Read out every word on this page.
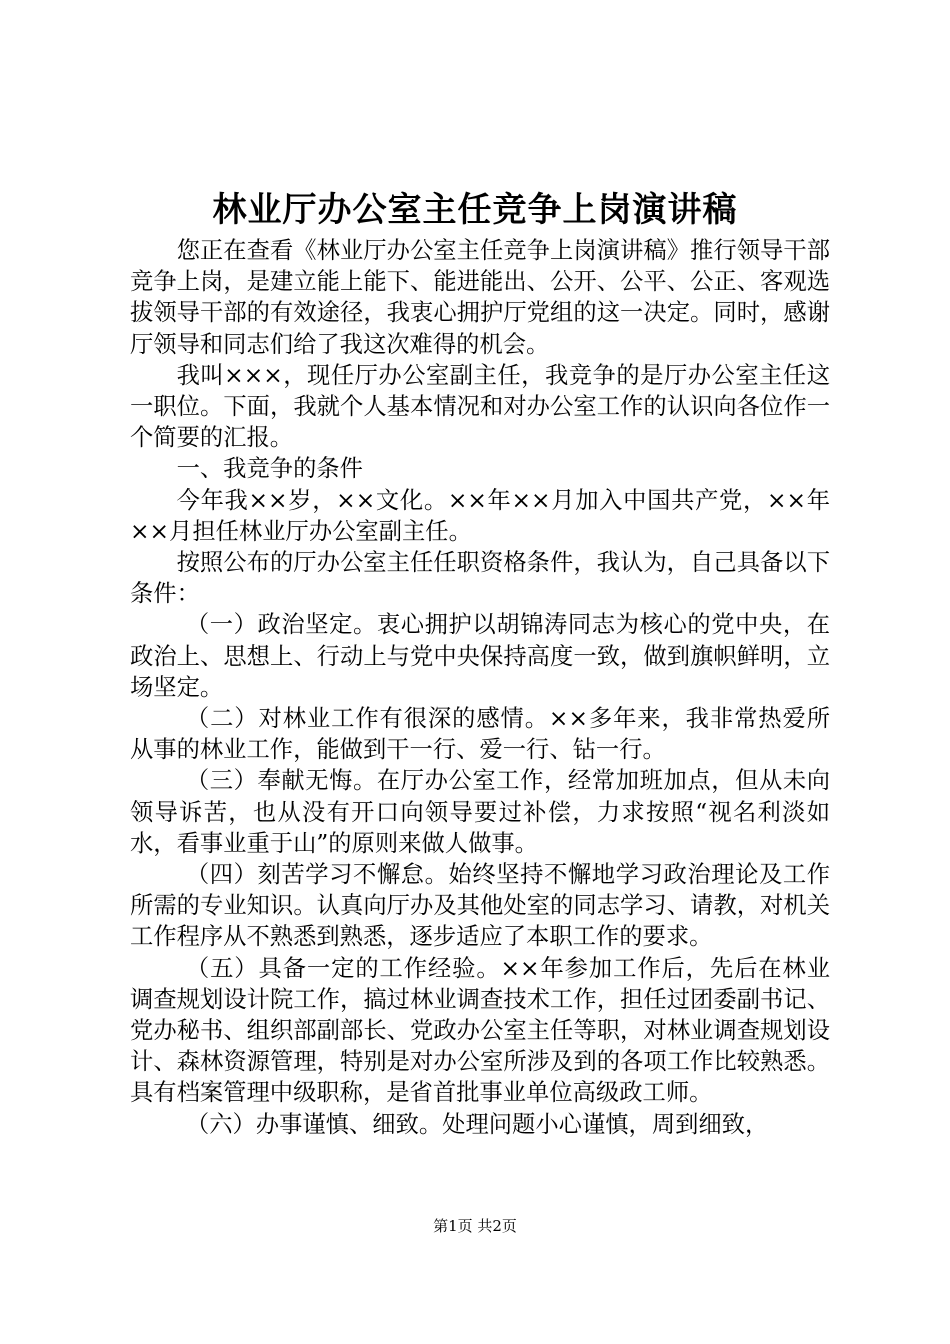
林业厅办公室主任竞争上岗演讲稿

您正在查看《林业厅办公室主任竞争上岗演讲稿》推行领导干部竞争上岗，是建立能上能下、能进能出、公开、公平、公正、客观选拔领导干部的有效途径，我衷心拥护厅党组的这一决定。同时，感谢厅领导和同志们给了我这次难得的机会。

我叫×××，现任厅办公室副主任，我竞争的是厅办公室主任这一职位。下面，我就个人基本情况和对办公室工作的认识向各位作一个简要的汇报。

一、我竞争的条件

今年我××岁，××文化。××年××月加入中国共产党，××年××月担任林业厅办公室副主任。

按照公布的厅办公室主任任职资格条件，我认为，自己具备以下条件：

（一）政治坚定。衷心拥护以胡锦涛同志为核心的党中央，在政治上、思想上、行动上与党中央保持高度一致，做到旗帜鲜明，立场坚定。

（二）对林业工作有很深的感情。××多年来，我非常热爱所从事的林业工作，能做到干一行、爱一行、钻一行。

（三）奉献无悔。在厅办公室工作，经常加班加点，但从未向领导诉苦，也从没有开口向领导要过补偿，力求按照“视名利淡如水，看事业重于山”的原则来做人做事。

（四）刻苦学习不懈怠。始终坚持不懈地学习政治理论及工作所需的专业知识。认真向厅办及其他处室的同志学习、请教，对机关工作程序从不熟悉到熟悉，逐步适应了本职工作的要求。

（五）具备一定的工作经验。××年参加工作后，先后在林业调查规划设计院工作，搞过林业调查技术工作，担任过团委副书记、党办秘书、组织部副部长、党政办公室主任等职，对林业调查规划设计、森林资源管理，特别是对办公室所涉及到的各项工作比较熟悉。具有档案管理中级职称，是省首批事业单位高级政工师。

（六）办事谨慎、细致。处理问题小心谨慎，周到细致，

第1页 共2页
